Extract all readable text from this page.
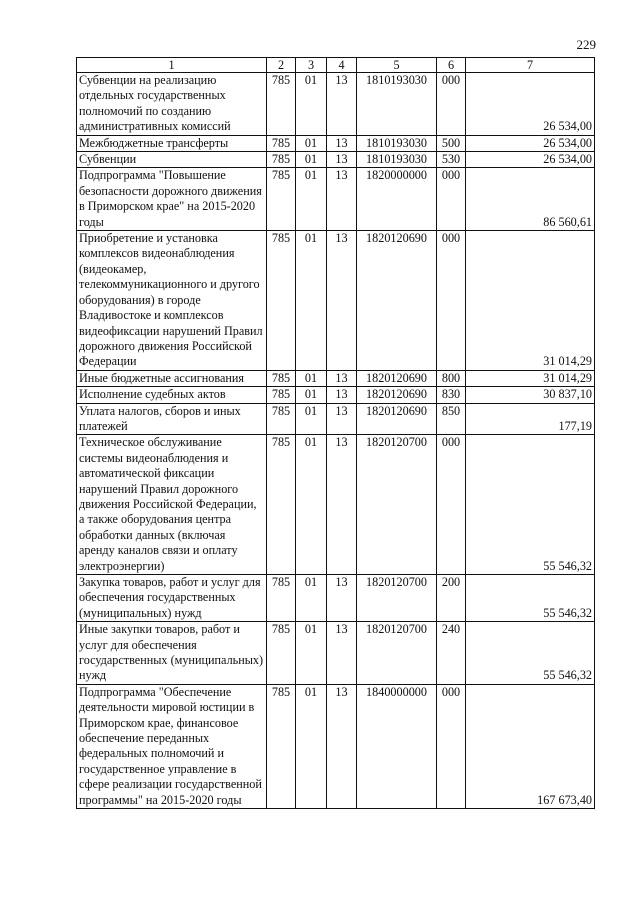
229
1	2	3	4	5	6	7
Субвенции на реализацию отдельных государственных полномочий по созданию административных комиссий	785	01	13	1810193030	000	26 534,00
Межбюджетные трансферты	785	01	13	1810193030	500	26 534,00
Субвенции	785	01	13	1810193030	530	26 534,00
Подпрограмма "Повышение безопасности дорожного движения в Приморском крае" на 2015-2020 годы	785	01	13	1820000000	000	86 560,61
Приобретение и установка комплексов видеонаблюдения (видеокамер, телекоммуникационного и другого оборудования) в городе Владивостоке и комплексов видеофиксации нарушений Правил дорожного движения Российской Федерации	785	01	13	1820120690	000	31 014,29
Иные бюджетные ассигнования	785	01	13	1820120690	800	31 014,29
Исполнение судебных актов	785	01	13	1820120690	830	30 837,10
Уплата налогов, сборов и иных платежей	785	01	13	1820120690	850	177,19
Техническое обслуживание системы видеонаблюдения и автоматической фиксации нарушений Правил дорожного движения Российской Федерации, а также оборудования центра обработки данных (включая аренду каналов связи и оплату электроэнергии)	785	01	13	1820120700	000	55 546,32
Закупка товаров, работ и услуг для обеспечения государственных (муниципальных) нужд	785	01	13	1820120700	200	55 546,32
Иные закупки товаров, работ и услуг для обеспечения государственных (муниципальных) нужд	785	01	13	1820120700	240	55 546,32
Подпрограмма "Обеспечение деятельности мировой юстиции в Приморском крае, финансовое обеспечение переданных федеральных полномочий и государственное управление в сфере реализации государственной программы" на 2015-2020 годы	785	01	13	1840000000	000	167 673,40
